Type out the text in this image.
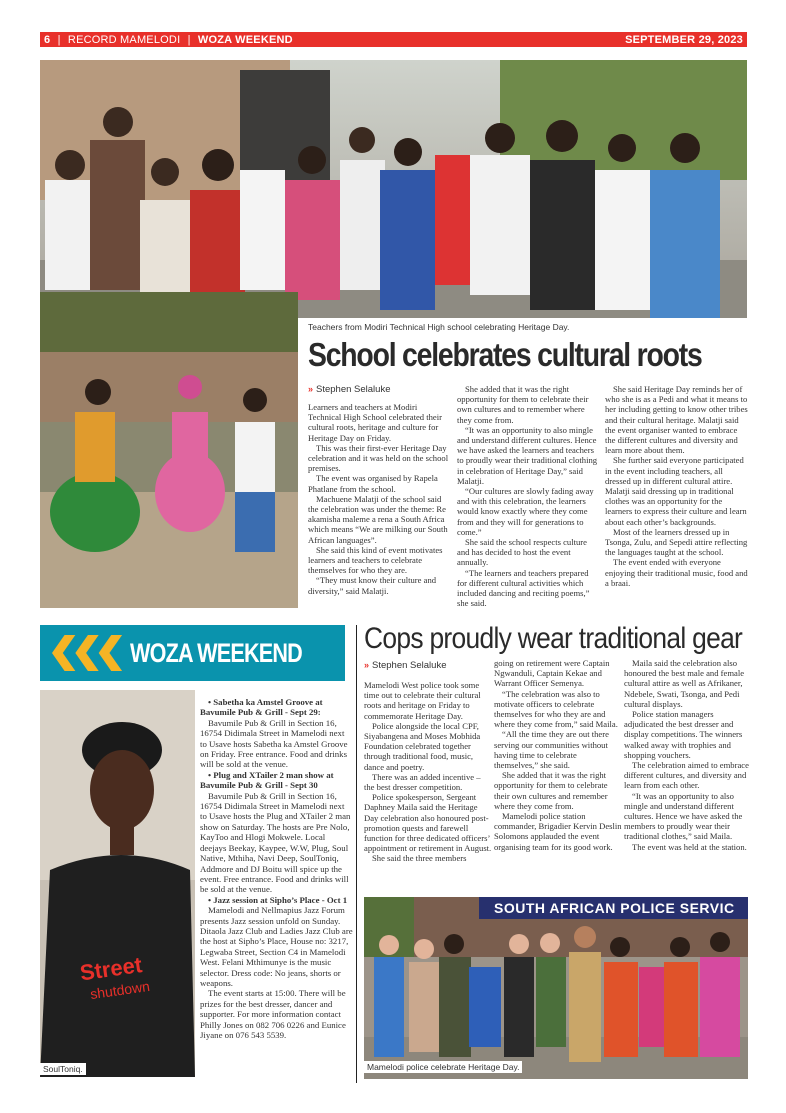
6 | RECORD MAMELODI | WOZA WEEKEND	SEPTEMBER 29, 2023
Teachers from Modiri Technical High school celebrating Heritage Day.
School celebrates cultural roots
» Stephen Selaluke

Learners and teachers at Modiri Technical High School celebrated their cultural roots, heritage and culture for Heritage Day on Friday.

This was their first-ever Heritage Day celebration and it was held on the school premises.

The event was organised by Rapela Phatlane from the school.

Machuene Malatji of the school said the celebration was under the theme: Re akamisha maleme a rena a South Africa which means “We are milking our South African languages”.

She said this kind of event motivates learners and teachers to celebrate themselves for who they are.

“They must know their culture and diversity,” said Malatji.

She added that it was the right opportunity for them to celebrate their own cultures and to remember where they come from.

“It was an opportunity to also mingle and understand different cultures. Hence we have asked the learners and teachers to proudly wear their traditional clothing in celebration of Heritage Day,” said Malatji.

“Our cultures are slowly fading away and with this celebration, the learners would know exactly where they come from and they will for generations to come.”

She said the school respects culture and has decided to host the event annually.

“The learners and teachers prepared for different cultural activities which included dancing and reciting poems,” she said.

She said Heritage Day reminds her of who she is as a Pedi and what it means to her including getting to know other tribes and their cultural heritage. Malatji said the event organiser wanted to embrace the different cultures and diversity and learn more about them.

She further said everyone participated in the event including teachers, all dressed up in different cultural attire. Malatji said dressing up in traditional clothes was an opportunity for the learners to express their culture and learn about each other’s backgrounds.

Most of the learners dressed up in Tsonga, Zulu, and Sepedi attire reflecting the languages taught at the school.

The event ended with everyone enjoying their traditional music, food and a braai.

WOZA WEEKEND
Street
shutdown
SoulToniq.

• Sabetha ka Amstel Groove at Bavumile Pub & Grill - Sept 29:

Bavumile Pub & Grill in Section 16, 16754 Didimala Street in Mamelodi next to Usave hosts Sabetha ka Amstel Groove on Friday. Free entrance. Food and drinks will be sold at the venue.

• Plug and XTailer 2 man show at Bavumile Pub & Grill - Sept 30

Bavumile Pub & Grill in Section 16, 16754 Didimala Street in Mamelodi next to Usave hosts the Plug and XTailer 2 man show on Saturday. The hosts are Pre Nolo, KayToo and Hlogi Mokwele. Local deejays Beekay, Kaypee, W.W, Plug, Soul Native, Mthiha, Navi Deep, SoulToniq, Addmore and DJ Boitu will spice up the event. Free entrance. Food and drinks will be sold at the venue.

• Jazz session at Sipho’s Place - Oct 1

Mamelodi and Nellmapius Jazz Forum presents Jazz session unfold on Sunday. Ditaola Jazz Club and Ladies Jazz Club are the host at Sipho’s Place, House no: 3217, Legwaba Street, Section C4 in Mamelodi West. Felani Mthimunye is the music selector. Dress code: No jeans, shorts or weapons.

The event starts at 15:00. There will be prizes for the best dresser, dancer and supporter. For more information contact Philly Jones on 082 706 0226 and Eunice Jiyane on 076 543 5539.

Cops proudly wear traditional gear
» Stephen Selaluke

Mamelodi West police took some time out to celebrate their cultural roots and heritage on Friday to commemorate Heritage Day.

Police alongside the local CPF, Siyabangena and Moses Mobhida Foundation celebrated together through traditional food, music, dance and poetry.

There was an added incentive – the best dresser competition.

Police spokesperson, Sergeant Daphney Maila said the Heritage Day celebration also honoured post-promotion quests and farewell function for three dedicated officers’ appointment or retirement in August.

She said the three members

going on retirement were Captain Ngwanduli, Captain Kekae and Warrant Officer Semenya.

“The celebration was also to motivate officers to celebrate themselves for who they are and where they come from,” said Maila.

“All the time they are out there serving our communities without having time to celebrate themselves,” she said.

She added that it was the right opportunity for them to celebrate their own cultures and remember where they come from.

Mamelodi police station commander, Brigadier Kervin Deslin Solomons applauded the event organising team for its good work.

Maila said the celebration also honoured the best male and female cultural attire as well as Afrikaner, Ndebele, Swati, Tsonga, and Pedi cultural displays.

Police station managers adjudicated the best dresser and display competitions. The winners walked away with trophies and shopping vouchers.

The celebration aimed to embrace different cultures, and diversity and learn from each other.

“It was an opportunity to also mingle and understand different cultures. Hence we have asked the members to proudly wear their traditional clothes,” said Maila.

The event was held at the station.

SOUTH AFRICAN POLICE SERVIC
Mamelodi police celebrate Heritage Day.
